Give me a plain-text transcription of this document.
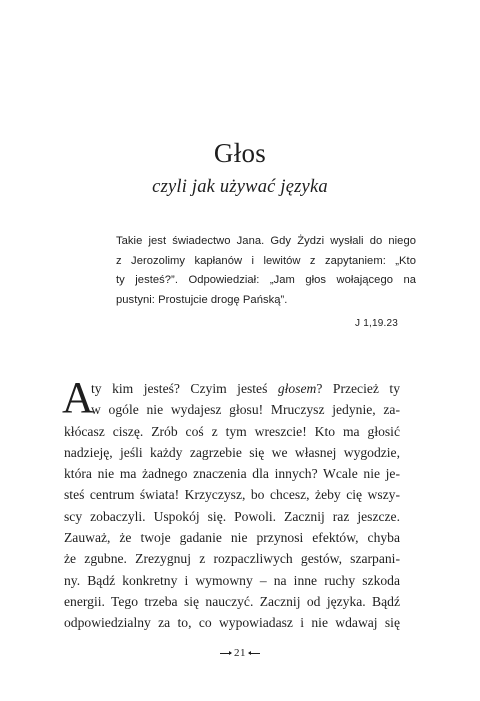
Głos
czyli jak używać języka
Takie jest świadectwo Jana. Gdy Żydzi wysłali do niego
z Jerozolimy kapłanów i lewitów z zapytaniem: „Kto
ty jesteś?”. Odpowiedział: „Jam głos wołającego na
pustyni: Prostujcie drogę Pańską”.
J 1,19.23
A
ty kim jesteś? Czyim jesteś głosem? Przecież ty
w ogóle nie wydajesz głosu! Mruczysz jedynie, za-
kłócasz ciszę. Zrób coś z tym wreszcie! Kto ma głosić
nadzieję, jeśli każdy zagrzebie się we własnej wygodzie,
która nie ma żadnego znaczenia dla innych? Wcale nie je-
steś centrum świata! Krzyczysz, bo chcesz, żeby cię wszy-
scy zobaczyli. Uspokój się. Powoli. Zacznij raz jeszcze.
Zauważ, że twoje gadanie nie przynosi efektów, chyba
że zgubne. Zrezygnuj z rozpaczliwych gestów, szarpani-
ny. Bądź konkretny i wymowny – na inne ruchy szkoda
energii. Tego trzeba się nauczyć. Zacznij od języka. Bądź
odpowiedzialny za to, co wypowiadasz i nie wdawaj się
21
